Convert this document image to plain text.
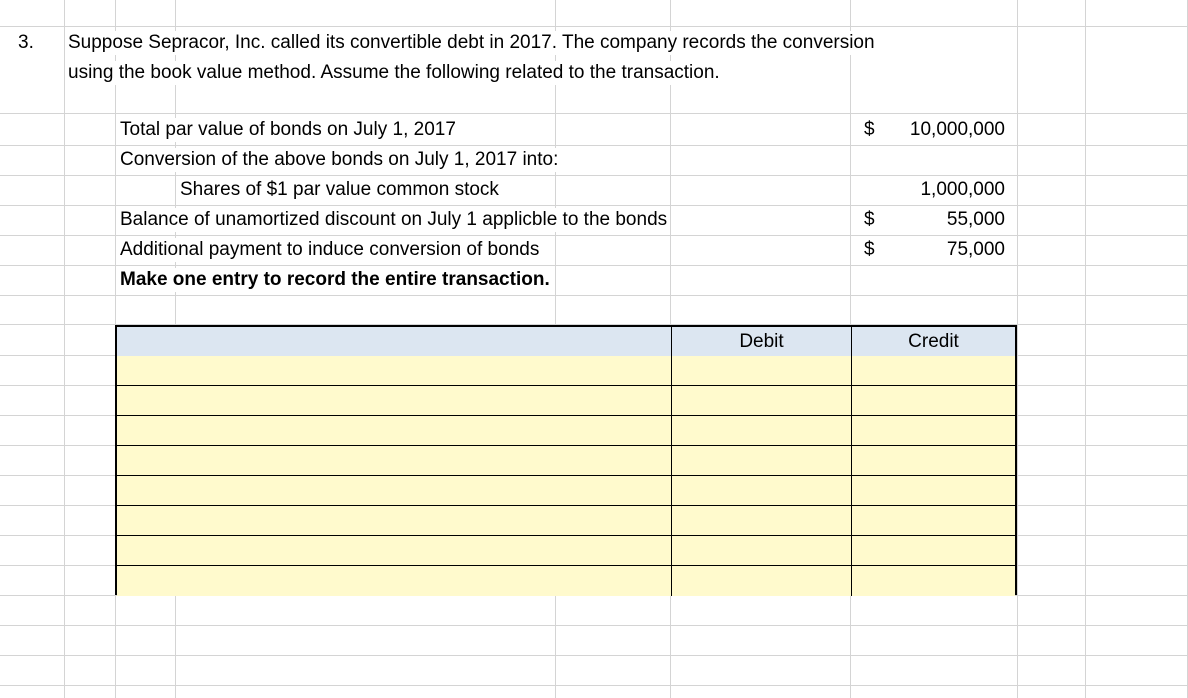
3. Suppose Sepracor, Inc. called its convertible debt in 2017. The company records the conversion
using the book value method. Assume the following related to the transaction.
Total par value of bonds on July 1, 2017	$	10,000,000
Conversion of the above bonds on July 1, 2017 into:
Shares of $1 par value common stock	1,000,000
Balance of unamortized discount on July 1 applicble to the bonds	$	55,000
Additional payment to induce conversion of bonds	$	75,000
Make one entry to record the entire transaction.
Debit	Credit
